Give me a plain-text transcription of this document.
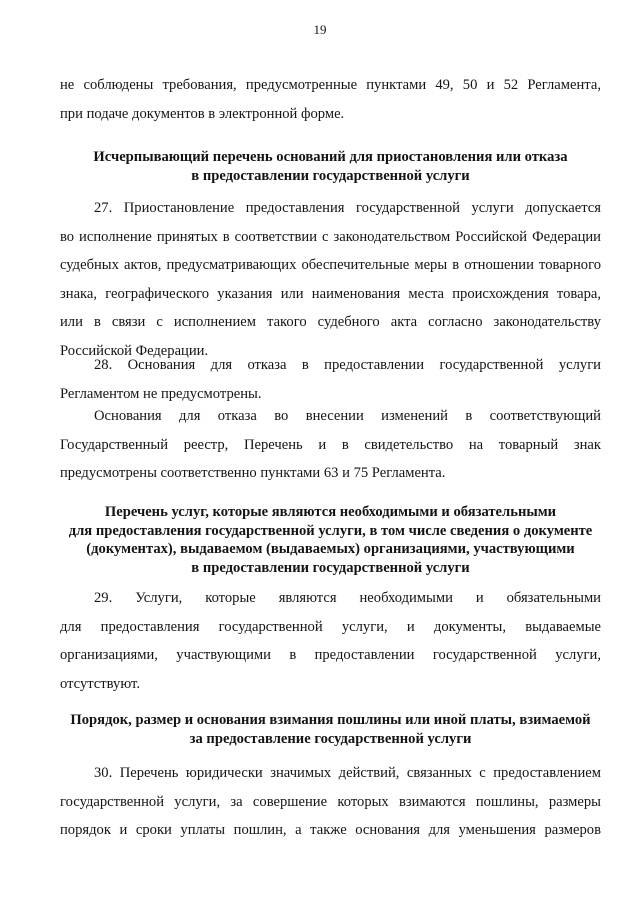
19
не соблюдены требования, предусмотренные пунктами 49, 50 и 52 Регламента,
при подаче документов в электронной форме.
Исчерпывающий перечень оснований для приостановления или отказа
в предоставлении государственной услуги
27. Приостановление предоставления государственной услуги допускается
во исполнение принятых в соответствии с законодательством Российской Федерации
судебных актов, предусматривающих обеспечительные меры в отношении товарного
знака, географического указания или наименования места происхождения товара,
или в связи с исполнением такого судебного акта согласно законодательству
Российской Федерации.
28. Основания для отказа в предоставлении государственной услуги
Регламентом не предусмотрены.
Основания для отказа во внесении изменений в соответствующий
Государственный реестр, Перечень и в свидетельство на товарный знак
предусмотрены соответственно пунктами 63 и 75 Регламента.
Перечень услуг, которые являются необходимыми и обязательными
для предоставления государственной услуги, в том числе сведения о документе
(документах), выдаваемом (выдаваемых) организациями, участвующими
в предоставлении государственной услуги
29. Услуги, которые являются необходимыми и обязательными
для предоставления государственной услуги, и документы, выдаваемые
организациями, участвующими в предоставлении государственной услуги,
отсутствуют.
Порядок, размер и основания взимания пошлины или иной платы, взимаемой
за предоставление государственной услуги
30. Перечень юридически значимых действий, связанных с предоставлением
государственной услуги, за совершение которых взимаются пошлины, размеры
порядок и сроки уплаты пошлин, а также основания для уменьшения размеров
